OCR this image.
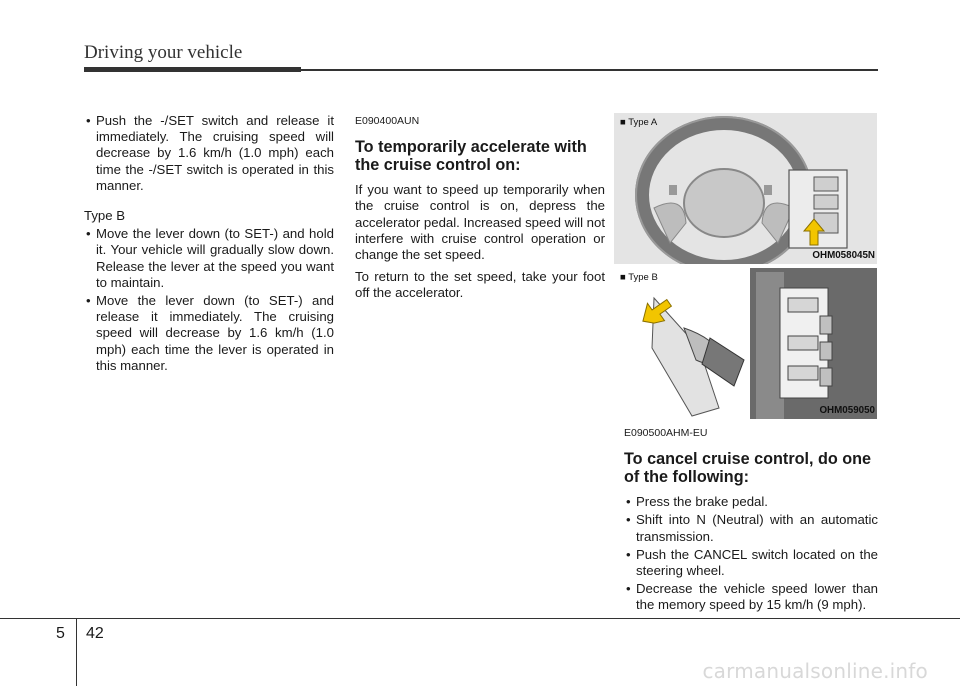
Driving your vehicle

• Push the -/SET switch and release it immediately. The cruising speed will decrease by 1.6 km/h (1.0 mph) each time the -/SET switch is operated in this manner.

Type B

• Move the lever down (to SET-) and hold it. Your vehicle will gradually slow down. Release the lever at the speed you want to maintain.

• Move the lever down (to SET-) and release it immediately. The cruising speed will decrease by 1.6 km/h (1.0 mph) each time the lever is operated in this manner.

E090400AUN

To temporarily accelerate with the cruise control on:

If you want to speed up temporarily when the cruise control is on, depress the accelerator pedal. Increased speed will not interfere with cruise control operation or change the set speed.

To return to the set speed, take your foot off the accelerator.

■ Type A
OHM058045N
■ Type B
OHM059050

E090500AHM-EU

To cancel cruise control, do one of the following:

• Press the brake pedal.

• Shift into N (Neutral) with an automatic transmission.

• Push the CANCEL switch located on the steering wheel.

• Decrease the vehicle speed lower than the memory speed by 15 km/h (9 mph).

5 42
carmanualsonline.info
